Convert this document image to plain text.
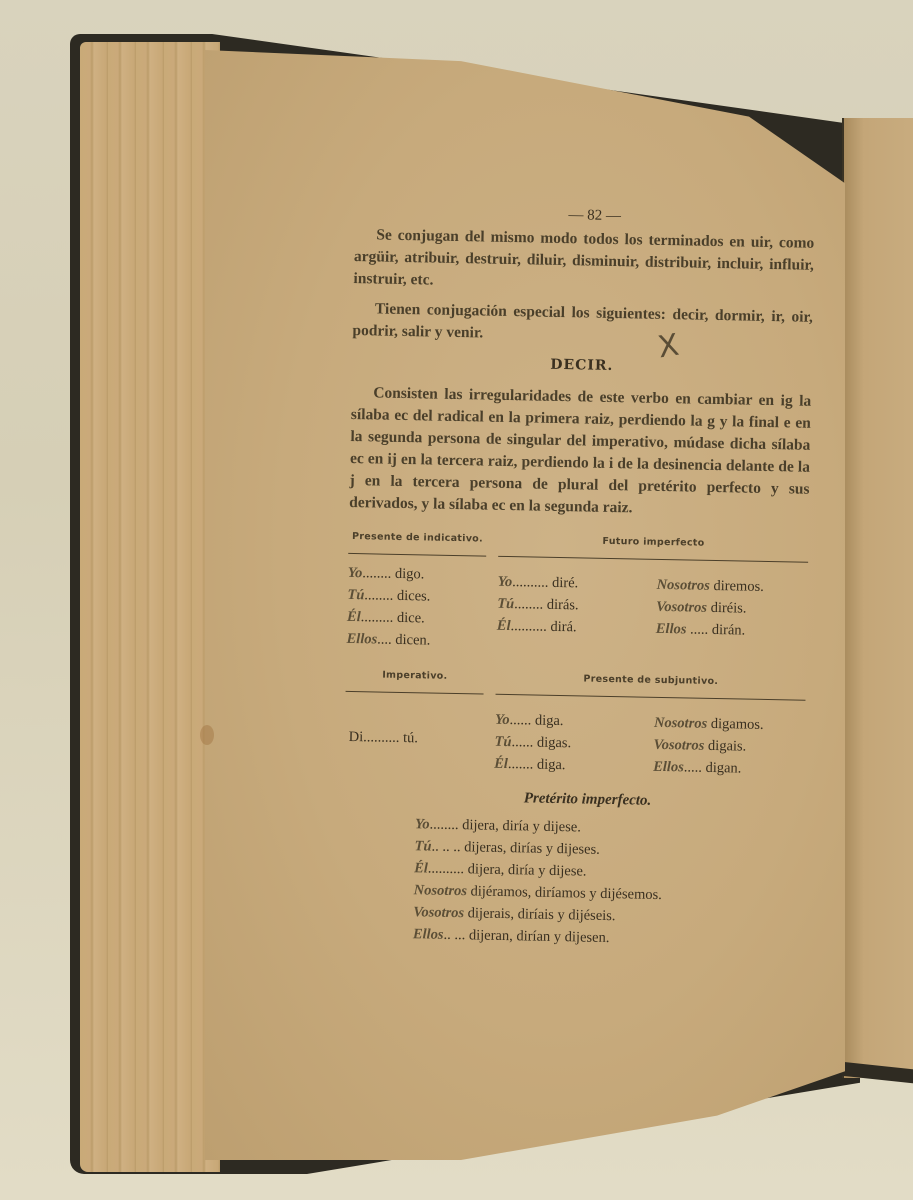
— 82 —

Se conjugan del mismo modo todos los terminados en uir, como argüir, atribuir, destruir, diluir, disminuir, distribuir, incluir, influir, instruir, etc.

Tienen conjugación especial los siguientes: decir, dormir, ir, oir, podrir, salir y venir.	X
DECIR.

Consisten las irregularidades de este verbo en cambiar en ig la sílaba ec del radical en la primera raiz, perdiendo la g y la final e en la segunda persona de singular del imperativo, múdase dicha sílaba ec en ij en la tercera raiz, perdiendo la i de la desinencia delante de la j en la tercera persona de plural del pretérito perfecto y sus derivados, y la sílaba ec en la segunda raiz.

Presente de indicativo.
Yo........ digo.
Tú........ dices.
Él......... dice.
Ellos.... dicen.
Futuro imperfecto
Yo.......... diré.	Nosotros diremos.
Tú........ dirás.	Vosotros diréis.
Él.......... dirá.	Ellos ..... dirán.
Imperativo.
Di.......... tú.
Presente de subjuntivo.
Yo...... diga.	Nosotros digamos.
Tú...... digas.	Vosotros digais.
Él....... diga.	Ellos..... digan.
Pretérito imperfecto.
Yo........ dijera, diría y dijese.
Tú.. .. .. dijeras, dirías y dijeses.
Él.......... dijera, diría y dijese.
Nosotros dijéramos, diríamos y dijésemos.
Vosotros dijerais, diríais y dijéseis.
Ellos.. ... dijeran, dirían y dijesen.
